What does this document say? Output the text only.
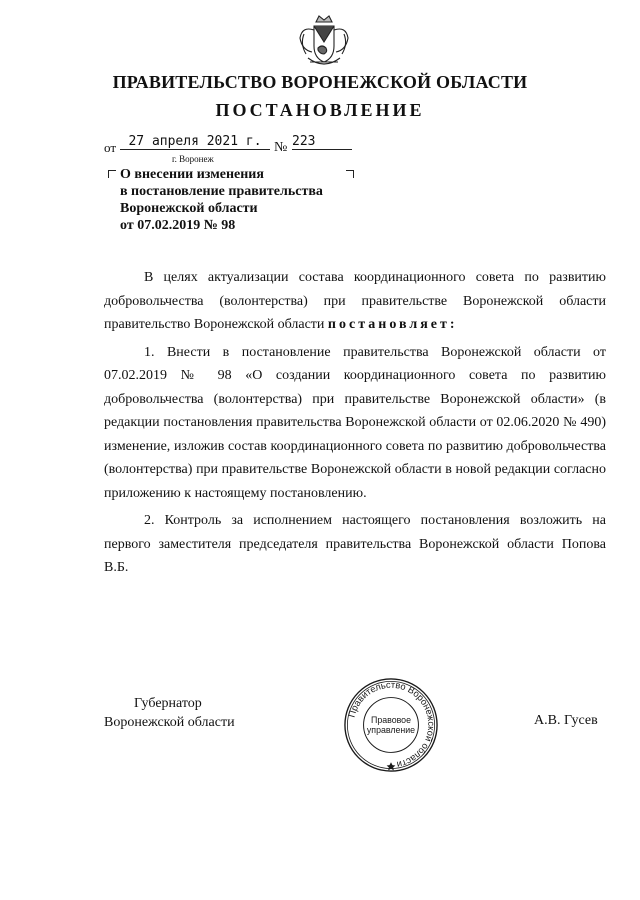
ПРАВИТЕЛЬСТВО ВОРОНЕЖСКОЙ ОБЛАСТИ
ПОСТАНОВЛЕНИЕ
от 27 апреля 2021 г. № 223
г. Воронеж
О внесении изменения
в постановление правительства
Воронежской области
от 07.02.2019 № 98

В целях актуализации состава координационного совета по развитию добровольчества (волонтерства) при правительстве Воронежской области правительство Воронежской области постановляет:

1. Внести в постановление правительства Воронежской области от 07.02.2019 № 98 «О создании координационного совета по развитию добровольчества (волонтерства) при правительстве Воронежской области» (в редакции постановления правительства Воронежской области от 02.06.2020 № 490) изменение, изложив состав координационного совета по развитию добровольчества (волонтерства) при правительстве Воронежской области в новой редакции согласно приложению к настоящему постановлению.

2. Контроль за исполнением настоящего постановления возложить на первого заместителя председателя правительства Воронежской области Попова В.Б.

Губернатор
Воронежской области
Правительство Воронежской области
Правовое
управление
А.В. Гусев
